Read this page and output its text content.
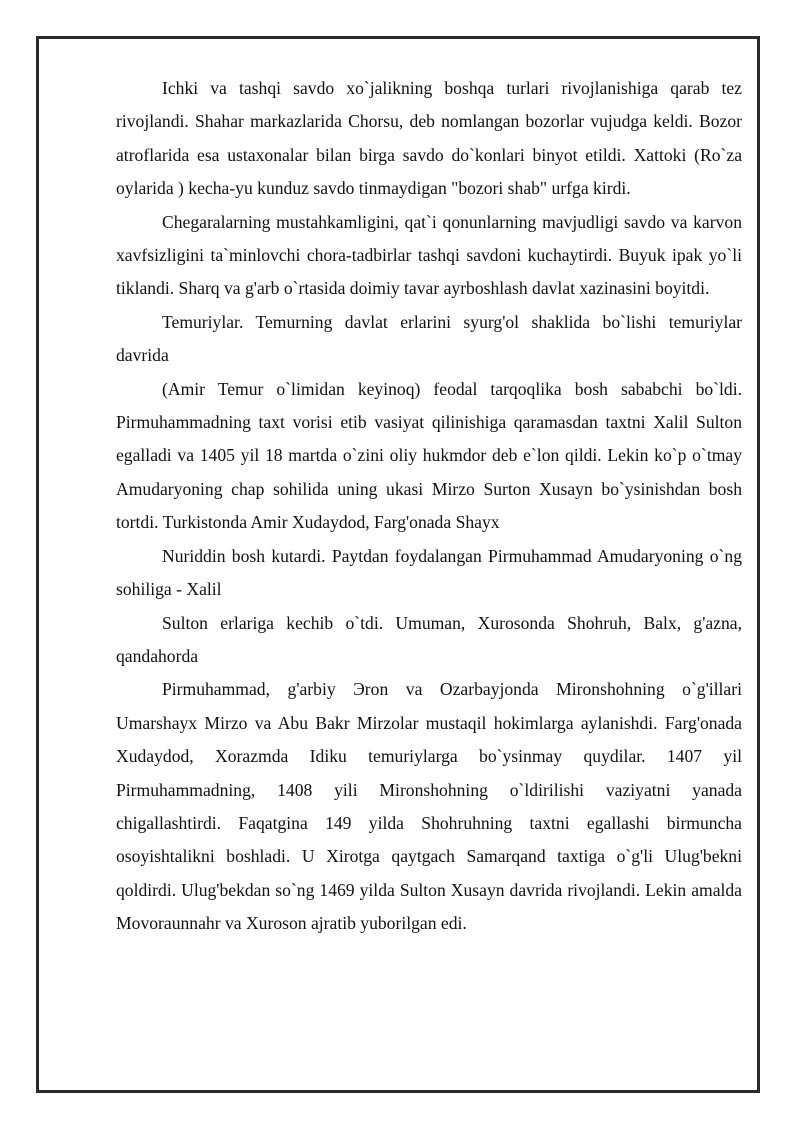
Ichki va tashqi savdo xo`jalikning boshqa turlari rivojlanishiga qarab tez rivojlandi. Shahar markazlarida Chorsu, deb nomlangan bozorlar vujudga keldi. Bozor atroflarida esa ustaxonalar bilan birga savdo do`konlari binyot etildi. Xattoki (Ro`za oylarida ) kecha-yu kunduz savdo tinmaydigan "bozori shab" urfga kirdi.

Chegaralarning mustahkamligini, qat`i qonunlarning mavjudligi savdo va karvon xavfsizligini ta`minlovchi chora-tadbirlar tashqi savdoni kuchaytirdi. Buyuk ipak yo`li tiklandi. Sharq va g'arb o`rtasida doimiy tavar ayrboshlash davlat xazinasini boyitdi.

Temuriylar. Temurning davlat erlarini syurg'ol shaklida bo`lishi temuriylar davrida

(Amir Temur o`limidan keyinoq) feodal tarqoqlika bosh sababchi bo`ldi. Pirmuhammadning taxt vorisi etib vasiyat qilinishiga qaramasdan taxtni Xalil Sulton egalladi va 1405 yil 18 martda o`zini oliy hukmdor deb e`lon qildi. Lekin ko`p o`tmay Amudaryoning chap sohilida uning ukasi Mirzo Surton Xusayn bo`ysinishdan bosh tortdi. Turkistonda Amir Xudaydod, Farg'onada Shayx

Nuriddin bosh kutardi. Paytdan foydalangan Pirmuhammad Amudaryoning o`ng sohiliga - Xalil

Sulton erlariga kechib o`tdi. Umuman, Xurosonda Shohruh, Balx, g'azna, qandahorda

Pirmuhammad, g'arbiy Эron va Ozarbayjonda Mironshohning o`g'illari Umarshayx Mirzo va Abu Bakr Mirzolar mustaqil hokimlarga aylanishdi. Farg'onada Xudaydod, Xorazmda Idiku temuriylarga bo`ysinmay quydilar. 1407 yil Pirmuhammadning, 1408 yili Mironshohning o`ldirilishi vaziyatni yanada chigallashtirdi. Faqatgina 149 yilda Shohruhning taxtni egallashi birmuncha osoyishtalikni boshladi. U Xirotga qaytgach Samarqand taxtiga o`g'li Ulug'bekni qoldirdi. Ulug'bekdan so`ng 1469 yilda Sulton Xusayn davrida rivojlandi. Lekin amalda Movoraunnahr va Xuroson ajratib yuborilgan edi.
